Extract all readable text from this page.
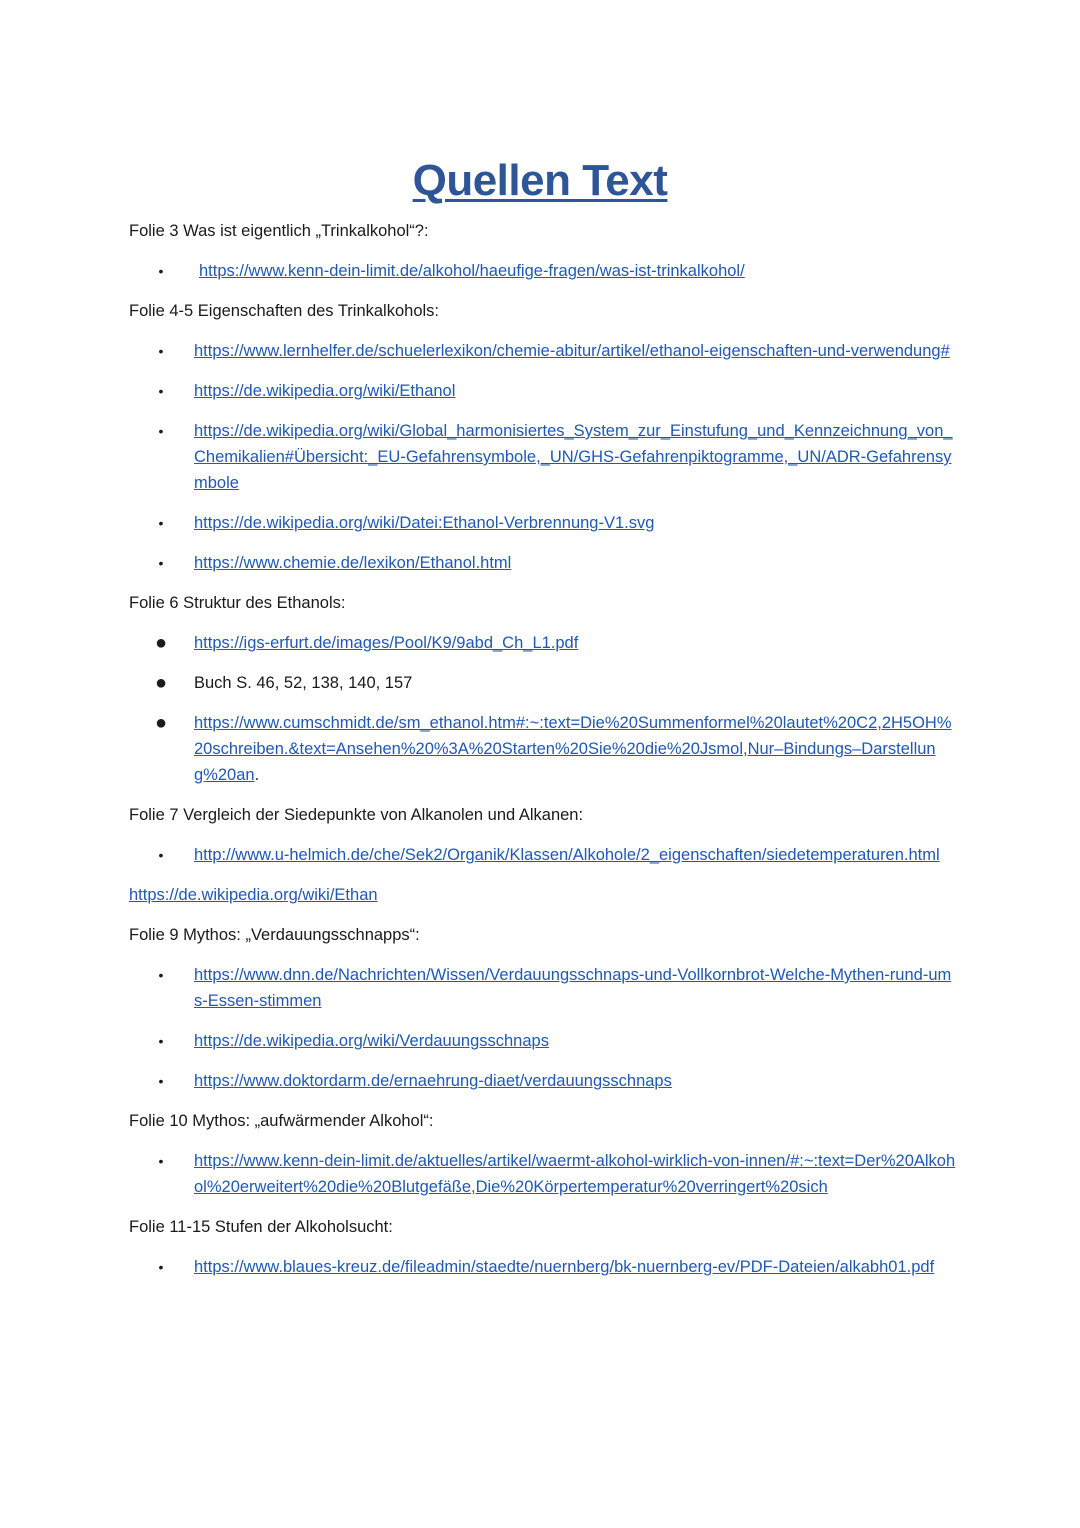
Quellen Text
Folie 3 Was ist eigentlich „Trinkalkohol“?:
• https://www.kenn-dein-limit.de/alkohol/haeufige-fragen/was-ist-trinkalkohol/
Folie 4-5 Eigenschaften des Trinkalkohols:
• https://www.lernhelfer.de/schuelerlexikon/chemie-abitur/artikel/ethanol-eigenschaften-und-verwendung#
• https://de.wikipedia.org/wiki/Ethanol
• https://de.wikipedia.org/wiki/Global_harmonisiertes_System_zur_Einstufung_und_Kennzeichnung_von_Chemikalien#Übersicht:_EU-Gefahrensymbole,_UN/GHS-Gefahrenpiktogramme,_UN/ADR-Gefahrensymbole
• https://de.wikipedia.org/wiki/Datei:Ethanol-Verbrennung-V1.svg
• https://www.chemie.de/lexikon/Ethanol.html
Folie 6 Struktur des Ethanols:
● https://igs-erfurt.de/images/Pool/K9/9abd_Ch_L1.pdf
● Buch S. 46, 52, 138, 140, 157
● https://www.cumschmidt.de/sm_ethanol.htm#:~:text=Die%20Summenformel%20lautet%20C2,2H5OH%20schreiben.&text=Ansehen%20%3A%20Starten%20Sie%20die%20Jsmol,Nur–Bindungs–Darstellung%20an.
Folie 7 Vergleich der Siedepunkte von Alkanolen und Alkanen:
• http://www.u-helmich.de/che/Sek2/Organik/Klassen/Alkohole/2_eigenschaften/siedetemperaturen.html
https://de.wikipedia.org/wiki/Ethan
Folie 9 Mythos: „Verdauungsschnapps“:
• https://www.dnn.de/Nachrichten/Wissen/Verdauungsschnaps-und-Vollkornbrot-Welche-Mythen-rund-ums-Essen-stimmen
• https://de.wikipedia.org/wiki/Verdauungsschnaps
• https://www.doktordarm.de/ernaehrung-diaet/verdauungsschnaps
Folie 10 Mythos: „aufwärmender Alkohol“:
• https://www.kenn-dein-limit.de/aktuelles/artikel/waermt-alkohol-wirklich-von-innen/#:~:text=Der%20Alkohol%20erweitert%20die%20Blutgefäße,Die%20Körpertemperatur%20verringert%20sich
Folie 11-15 Stufen der Alkoholsucht:
• https://www.blaues-kreuz.de/fileadmin/staedte/nuernberg/bk-nuernberg-ev/PDF-Dateien/alkabh01.pdf
